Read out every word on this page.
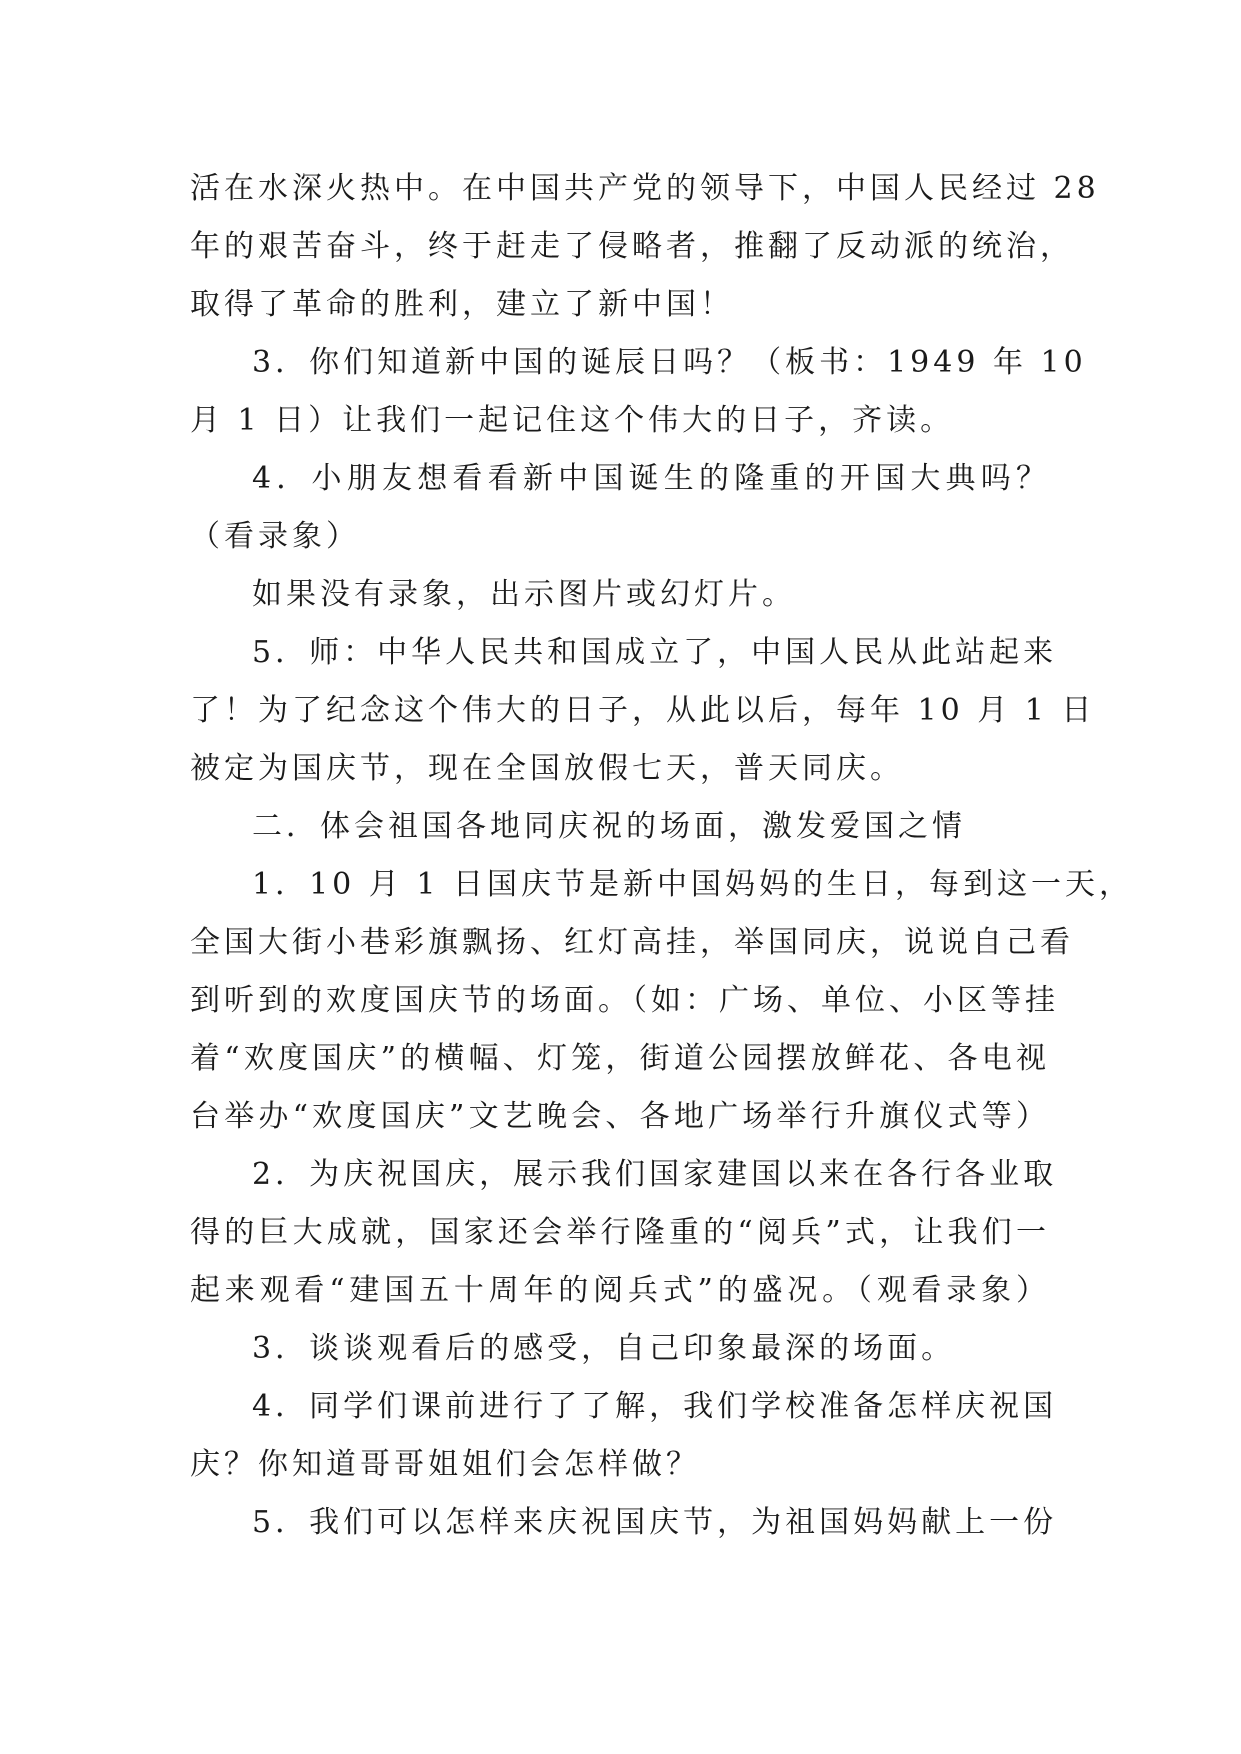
活在水深火热中。在中国共产党的领导下，中国人民经过 28
年的艰苦奋斗，终于赶走了侵略者，推翻了反动派的统治，
取得了革命的胜利，建立了新中国！
3．你们知道新中国的诞辰日吗？（板书：1949 年 10
月 1 日）让我们一起记住这个伟大的日子，齐读。
4．小朋友想看看新中国诞生的隆重的开国大典吗？
（看录象）
如果没有录象，出示图片或幻灯片。
5．师：中华人民共和国成立了，中国人民从此站起来
了！为了纪念这个伟大的日子，从此以后，每年 10 月 1 日
被定为国庆节，现在全国放假七天，普天同庆。
二．体会祖国各地同庆祝的场面，激发爱国之情
1．10 月 1 日国庆节是新中国妈妈的生日，每到这一天，
全国大街小巷彩旗飘扬、红灯高挂，举国同庆，说说自己看
到听到的欢度国庆节的场面。（如：广场、单位、小区等挂
着“欢度国庆”的横幅、灯笼，街道公园摆放鲜花、各电视
台举办“欢度国庆”文艺晚会、各地广场举行升旗仪式等）
2．为庆祝国庆，展示我们国家建国以来在各行各业取
得的巨大成就，国家还会举行隆重的“阅兵”式，让我们一
起来观看“建国五十周年的阅兵式”的盛况。（观看录象）
3．谈谈观看后的感受，自己印象最深的场面。
4．同学们课前进行了了解，我们学校准备怎样庆祝国
庆？你知道哥哥姐姐们会怎样做？
5．我们可以怎样来庆祝国庆节，为祖国妈妈献上一份
